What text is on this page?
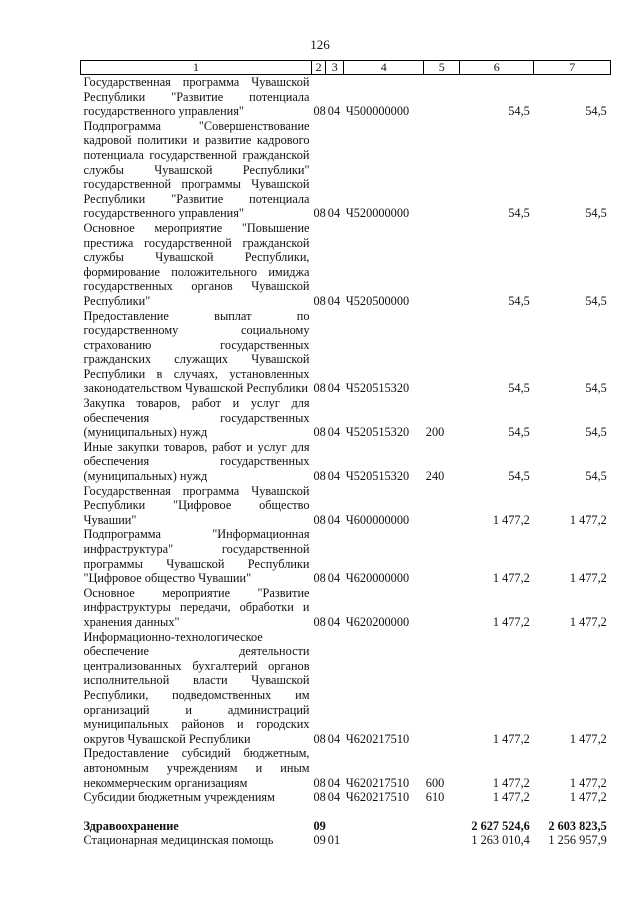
126
1	2	3	4	5	6	7
Государственная программа Чувашской Республики "Развитие потенциала государственного управления"	08	04	Ч500000000		54,5	54,5
Подпрограмма "Совершенствование кадровой политики и развитие кадрового потенциала государственной гражданской службы Чувашской Республики" государственной программы Чувашской Республики "Развитие потенциала государственного управления"	08	04	Ч520000000		54,5	54,5
Основное мероприятие "Повышение престижа государственной гражданской службы Чувашской Республики, формирование положительного имиджа государственных органов Чувашской Республики"	08	04	Ч520500000		54,5	54,5
Предоставление выплат по государственному социальному страхованию государственных гражданских служащих Чувашской Республики в случаях, установленных законодательством Чувашской Республики	08	04	Ч520515320		54,5	54,5
Закупка товаров, работ и услуг для обеспечения государственных (муниципальных) нужд	08	04	Ч520515320	200	54,5	54,5
Иные закупки товаров, работ и услуг для обеспечения государственных (муниципальных) нужд	08	04	Ч520515320	240	54,5	54,5
Государственная программа Чувашской Республики "Цифровое общество Чувашии"	08	04	Ч600000000		1 477,2	1 477,2
Подпрограмма "Информационная инфраструктура" государственной программы Чувашской Республики "Цифровое общество Чувашии"	08	04	Ч620000000		1 477,2	1 477,2
Основное мероприятие "Развитие инфраструктуры передачи, обработки и хранения данных"	08	04	Ч620200000		1 477,2	1 477,2
Информационно-технологическое обеспечение деятельности централизованных бухгалтерий органов исполнительной власти Чувашской Республики, подведомственных им организаций и администраций муниципальных районов и городских округов Чувашской Республики	08	04	Ч620217510		1 477,2	1 477,2
Предоставление субсидий бюджетным, автономным учреждениям и иным некоммерческим организациям	08	04	Ч620217510	600	1 477,2	1 477,2
Субсидии бюджетным учреждениям	08	04	Ч620217510	610	1 477,2	1 477,2

Здравоохранение	09				2 627 524,6	2 603 823,5
Стационарная медицинская помощь	09	01			1 263 010,4	1 256 957,9
